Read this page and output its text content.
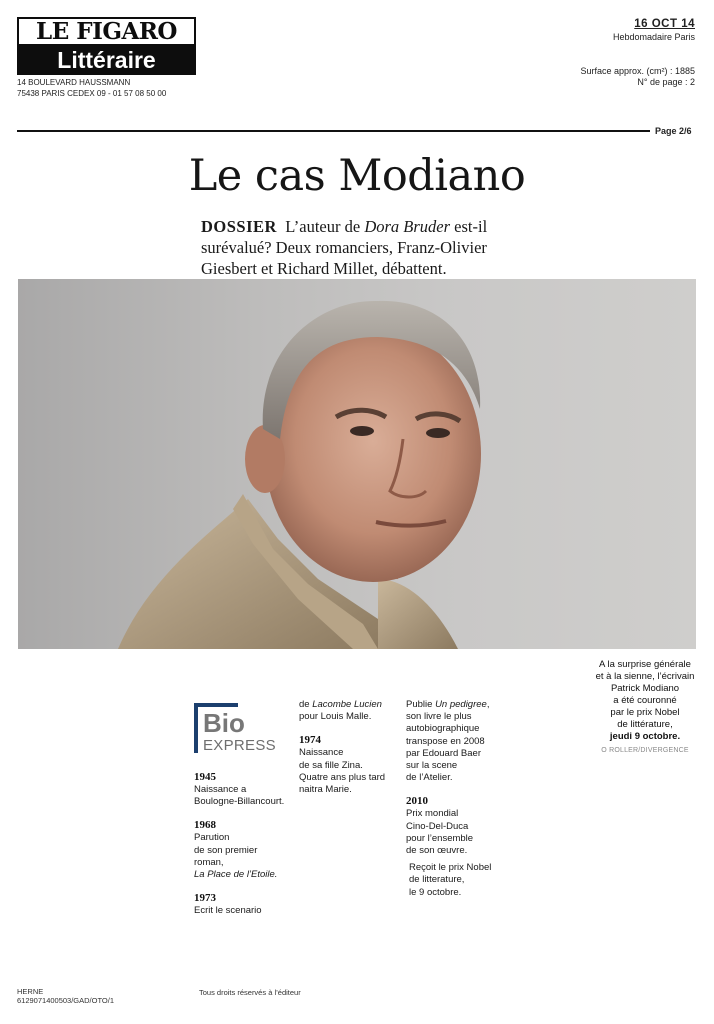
LE FIGARO
Littéraire
14 BOULEVARD HAUSSMANN
75438 PARIS CEDEX 09 - 01 57 08 50 00
16 OCT 14
Hebdomadaire Paris
Surface approx. (cm²) : 1885
N° de page : 2
Page 2/6
Le cas Modiano
DOSSIER L’auteur de Dora Bruder est-il surévalué? Deux romanciers, Franz-Olivier Giesbert et Richard Millet, débattent.
A la surprise générale
et à la sienne, l’écrivain
Patrick Modiano
a été couronné
par le prix Nobel
de littérature,
jeudi 9 octobre.
O ROLLER/DIVERGENCE
Bio
EXPRESS
1945
Naissance a
Boulogne-Billancourt.
1968
Parution
de son premier
roman,
La Place de l’Etoile.
1973
Ecrit le scenario
de Lacombe Lucien
pour Louis Malle.
1974
Naissance
de sa fille Zina.
Quatre ans plus tard
naitra Marie.
Publie Un pedigree,
son livre le plus
autobiographique
transpose en 2008
par Edouard Baer
sur la scene
de l’Atelier.
2010
Prix mondial
Cino-Del-Duca
pour l’ensemble
de son œuvre.
Reçoit le prix Nobel
de litterature,
le 9 octobre.
HERNE
6129071400503/GAD/OTO/1
Tous droits réservés à l’éditeur
